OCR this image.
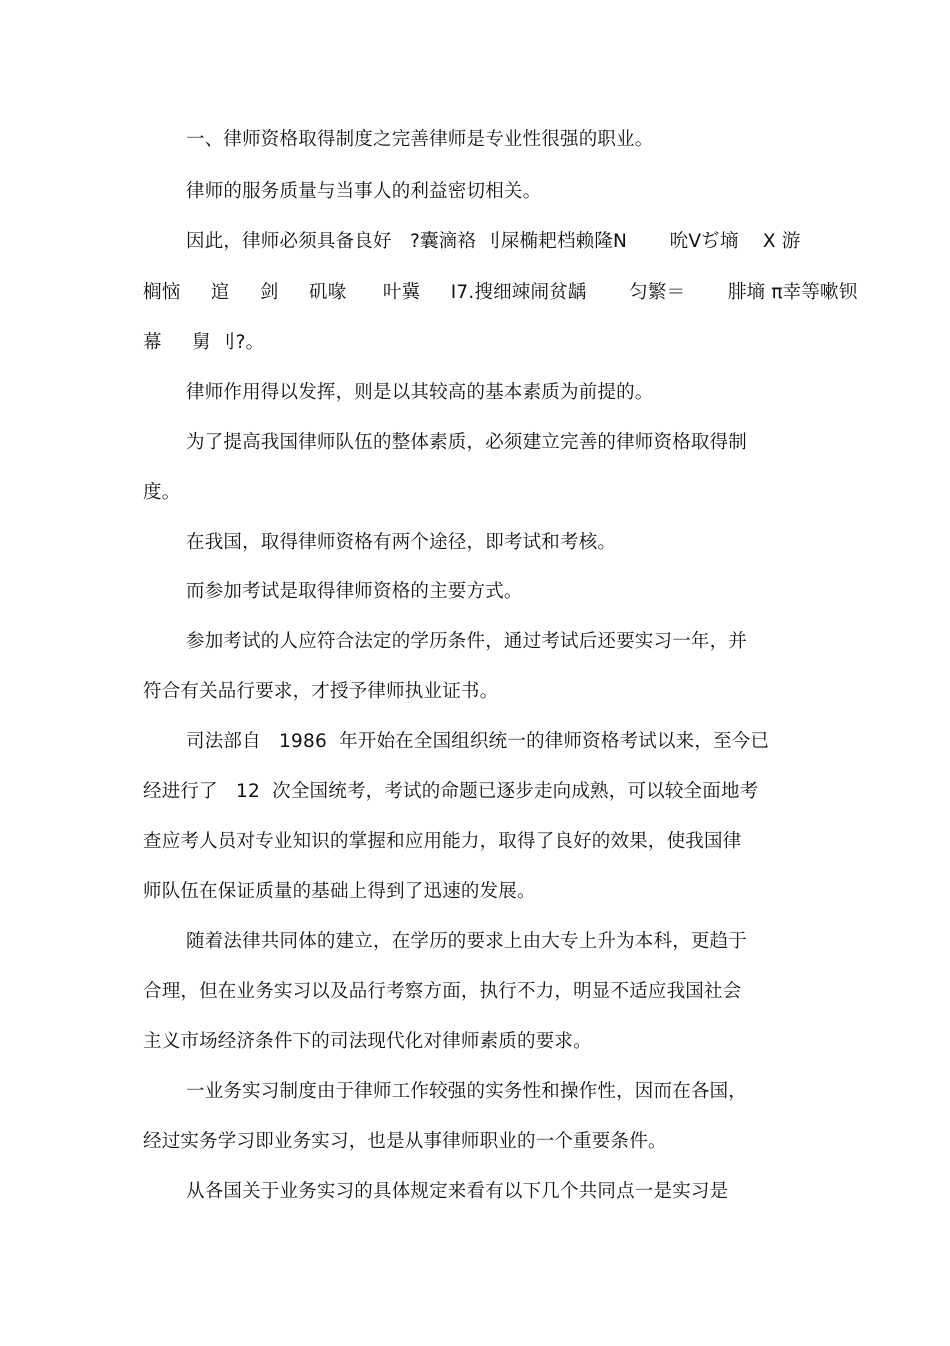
一、律师资格取得制度之完善律师是专业性很强的职业。
律师的服务质量与当事人的利益密切相关。
因此，律师必须具备良好   ?囊滴袼 刂屎椭耙档赖隆N       吮Vぢ墒    X 游
榈恼     逭     剑     矶喙      叶冀     I7.搜细竦闹贫龋       匀繁＝       腓墒 π幸等嗽钡
幕     舅 刂?。
律师作用得以发挥，则是以其较高的基本素质为前提的。
为了提高我国律师队伍的整体素质，必须建立完善的律师资格取得制
度。
在我国，取得律师资格有两个途径，即考试和考核。
而参加考试是取得律师资格的主要方式。
参加考试的人应符合法定的学历条件，通过考试后还要实习一年，并
符合有关品行要求，才授予律师执业证书。
司法部自   1986  年开始在全国组织统一的律师资格考试以来，至今已
经进行了   12  次全国统考，考试的命题已逐步走向成熟，可以较全面地考
查应考人员对专业知识的掌握和应用能力，取得了良好的效果，使我国律
师队伍在保证质量的基础上得到了迅速的发展。
随着法律共同体的建立，在学历的要求上由大专上升为本科，更趋于
合理，但在业务实习以及品行考察方面，执行不力，明显不适应我国社会
主义市场经济条件下的司法现代化对律师素质的要求。
一业务实习制度由于律师工作较强的实务性和操作性，因而在各国，
经过实务学习即业务实习，也是从事律师职业的一个重要条件。
从各国关于业务实习的具体规定来看有以下几个共同点一是实习是
